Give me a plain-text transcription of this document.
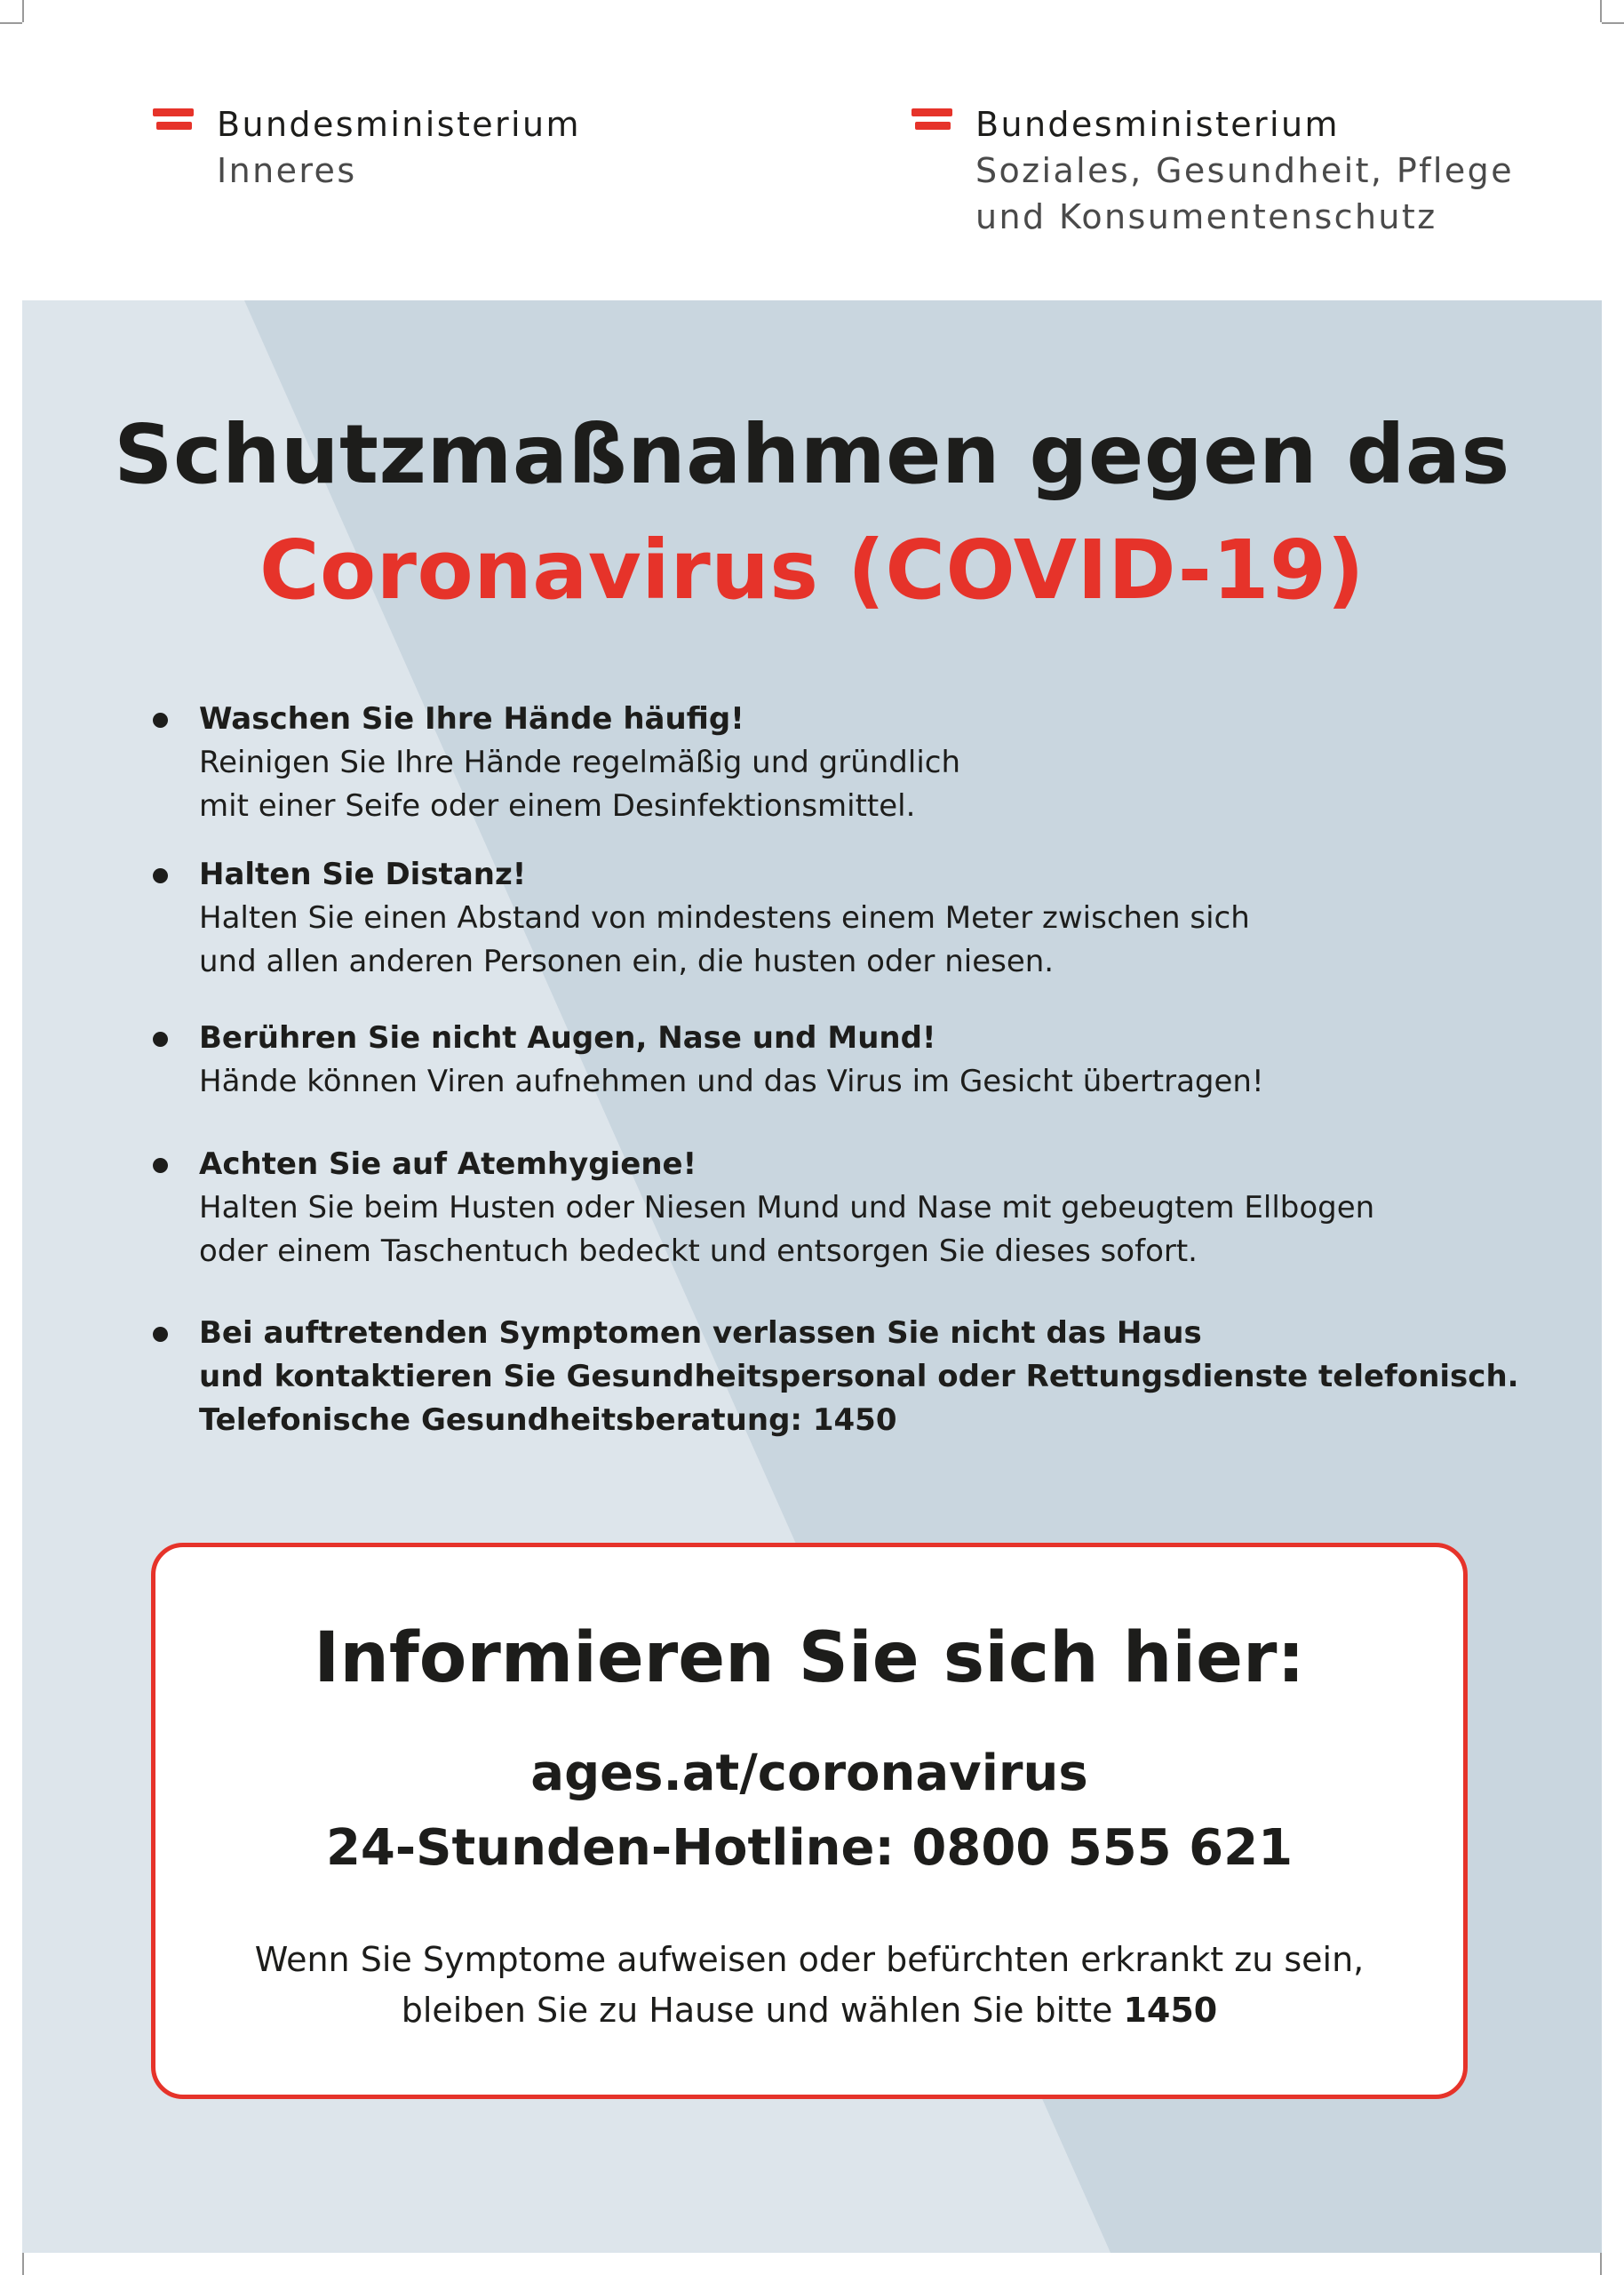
Bundesministerium
Inneres
Bundesministerium
Soziales, Gesundheit, Pflege
und Konsumentenschutz
Schutzmaßnahmen gegen das
Coronavirus (COVID-19)
Waschen Sie Ihre Hände häufig!
Reinigen Sie Ihre Hände regelmäßig und gründlich
mit einer Seife oder einem Desinfektionsmittel.
Halten Sie Distanz!
Halten Sie einen Abstand von mindestens einem Meter zwischen sich
und allen anderen Personen ein, die husten oder niesen.
Berühren Sie nicht Augen, Nase und Mund!
Hände können Viren aufnehmen und das Virus im Gesicht übertragen!
Achten Sie auf Atemhygiene!
Halten Sie beim Husten oder Niesen Mund und Nase mit gebeugtem Ellbogen
oder einem Taschentuch bedeckt und entsorgen Sie dieses sofort.
Bei auftretenden Symptomen verlassen Sie nicht das Haus
und kontaktieren Sie Gesundheitspersonal oder Rettungsdienste telefonisch.
Telefonische Gesundheitsberatung: 1450
Informieren Sie sich hier:
ages.at/coronavirus
24-Stunden-Hotline: 0800 555 621
Wenn Sie Symptome aufweisen oder befürchten erkrankt zu sein,
bleiben Sie zu Hause und wählen Sie bitte 1450
